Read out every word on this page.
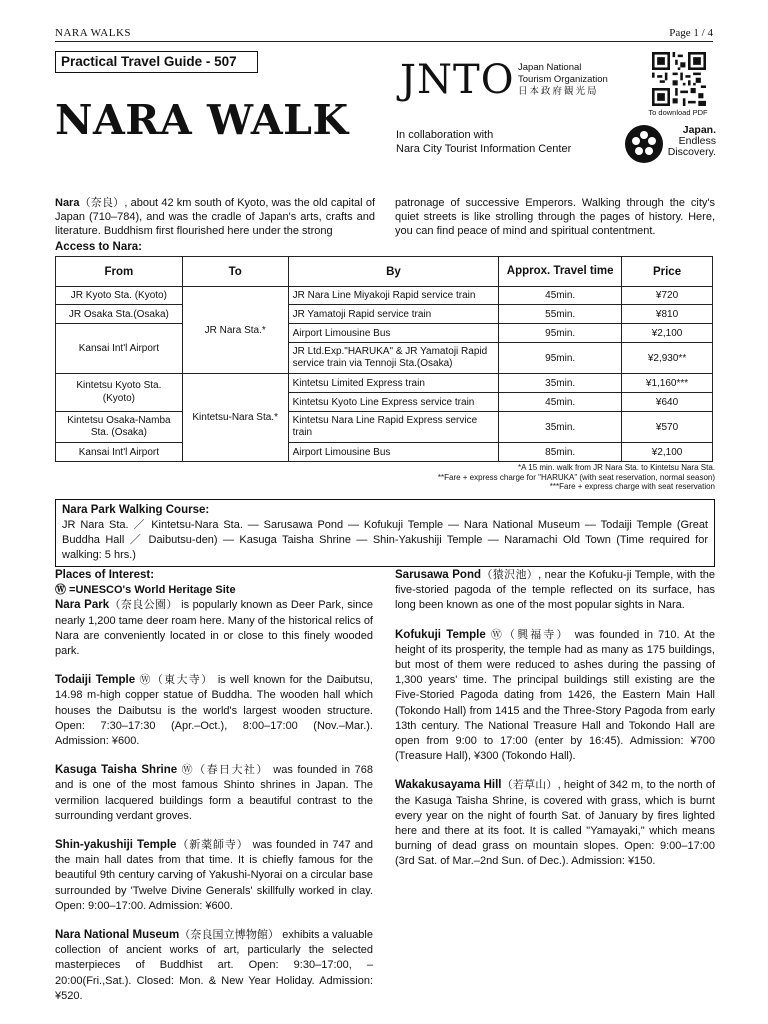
NARA WALKS	Page 1 / 4
Practical Travel Guide - 507
NARA WALK
JNTO Japan National
Tourism Organization
日本政府観光局
To download PDF
In collaboration with
Nara City Tourist Information Center
Japan.
Endless
Discovery.
Nara（奈良）, about 42 km south of Kyoto, was the old capital of Japan (710–784), and was the cradle of Japan's arts, crafts and literature. Buddhism first flourished here under the strong
patronage of successive Emperors. Walking through the city's quiet streets is like strolling through the pages of history. Here, you can find peace of mind and spiritual contentment.
Access to Nara:
From	To	By	Approx. Travel time	Price
JR Kyoto Sta. (Kyoto)	JR Nara Sta.*	JR Nara Line Miyakoji Rapid service train	45min.	¥720
JR Osaka Sta.(Osaka)		JR Yamatoji Rapid service train	55min.	¥810
Kansai Int'l Airport		Airport Limousine Bus	95min.	¥2,100
		JR Ltd.Exp."HARUKA" & JR Yamatoji Rapid service train via Tennoji Sta.(Osaka)	95min.	¥2,930**
Kintetsu Kyoto Sta. (Kyoto)	Kintetsu-Nara Sta.*	Kintetsu Limited Express train	35min.	¥1,160***
		Kintetsu Kyoto Line Express service train	45min.	¥640
Kintetsu Osaka-Namba Sta. (Osaka)		Kintetsu Nara Line Rapid Express service train	35min.	¥570
Kansai Int'l Airport		Airport Limousine Bus	85min.	¥2,100
*A 15 min. walk from JR Nara Sta. to Kintetsu Nara Sta.
**Fare + express charge for "HARUKA" (with seat reservation, normal season)
***Fare + express charge with seat reservation
Nara Park Walking Course:
JR Nara Sta. ／ Kintetsu-Nara Sta. — Sarusawa Pond — Kofukuji Temple — Nara National Museum — Todaiji Temple (Great Buddha Hall ／ Daibutsu-den) — Kasuga Taisha Shrine — Shin-Yakushiji Temple — Naramachi Old Town (Time required for walking: 5 hrs.)
Places of Interest:
Ⓦ =UNESCO's World Heritage Site

Nara Park（奈良公園） is popularly known as Deer Park, since nearly 1,200 tame deer roam here. Many of the historical relics of Nara are conveniently located in or close to this finely wooded park.

Todaiji Temple Ⓦ（東大寺） is well known for the Daibutsu, 14.98 m-high copper statue of Buddha. The wooden hall which houses the Daibutsu is the world's largest wooden structure. Open: 7:30–17:30 (Apr.–Oct.), 8:00–17:00 (Nov.–Mar.). Admission: ¥600.

Kasuga Taisha Shrine Ⓦ（春日大社） was founded in 768 and is one of the most famous Shinto shrines in Japan. The vermilion lacquered buildings form a beautiful contrast to the surrounding verdant groves.

Shin-yakushiji Temple（新薬師寺） was founded in 747 and the main hall dates from that time. It is chiefly famous for the beautiful 9th century carving of Yakushi-Nyorai on a circular base surrounded by 'Twelve Divine Generals' skillfully worked in clay. Open: 9:00–17:00. Admission: ¥600.

Nara National Museum（奈良国立博物館） exhibits a valuable collection of ancient works of art, particularly the selected masterpieces of Buddhist art. Open: 9:30–17:00, –20:00(Fri.,Sat.). Closed: Mon. & New Year Holiday. Admission: ¥520.

Sarusawa Pond（猿沢池）, near the Kofuku-ji Temple, with the five-storied pagoda of the temple reflected on its surface, has long been known as one of the most popular sights in Nara.

Kofukuji Temple Ⓦ（興福寺） was founded in 710. At the height of its prosperity, the temple had as many as 175 buildings, but most of them were reduced to ashes during the passing of 1,300 years' time. The principal buildings still existing are the Five-Storied Pagoda dating from 1426, the Eastern Main Hall (Tokondo Hall) from 1415 and the Three-Story Pagoda from early 13th century. The National Treasure Hall and Tokondo Hall are open from 9:00 to 17:00 (enter by 16:45). Admission: ¥700 (Treasure Hall), ¥300 (Tokondo Hall).

Wakakusayama Hill（若草山）, height of 342 m, to the north of the Kasuga Taisha Shrine, is covered with grass, which is burnt every year on the night of fourth Sat. of January by fires lighted here and there at its foot. It is called "Yamayaki," which means burning of dead grass on mountain slopes. Open: 9:00–17:00 (3rd Sat. of Mar.–2nd Sun. of Dec.). Admission: ¥150.
